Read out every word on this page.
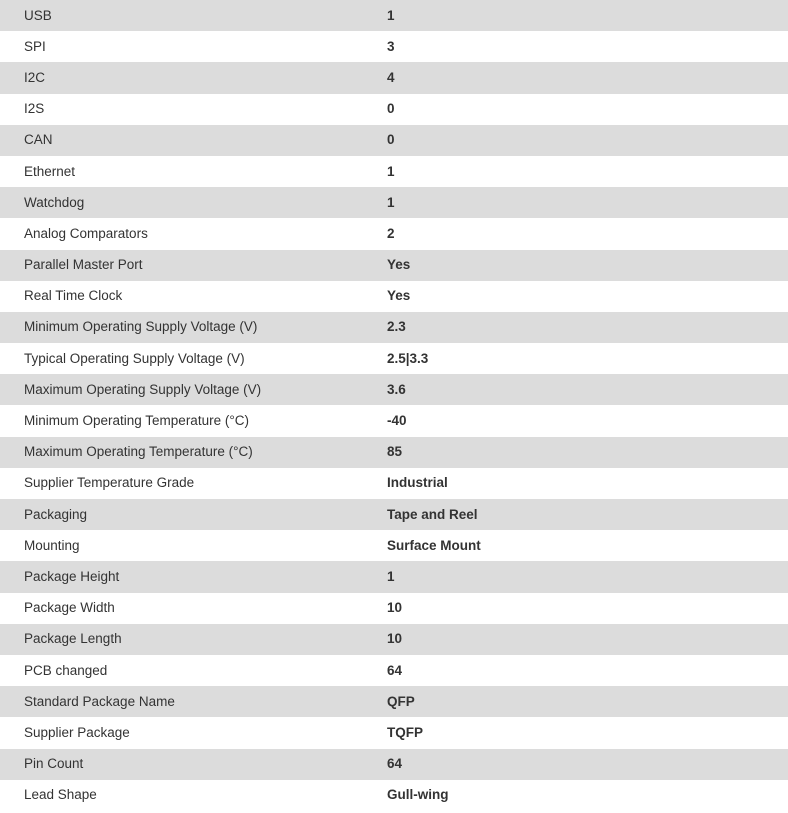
USB	1
SPI	3
I2C	4
I2S	0
CAN	0
Ethernet	1
Watchdog	1
Analog Comparators	2
Parallel Master Port	Yes
Real Time Clock	Yes
Minimum Operating Supply Voltage (V)	2.3
Typical Operating Supply Voltage (V)	2.5|3.3
Maximum Operating Supply Voltage (V)	3.6
Minimum Operating Temperature (°C)	-40
Maximum Operating Temperature (°C)	85
Supplier Temperature Grade	Industrial
Packaging	Tape and Reel
Mounting	Surface Mount
Package Height	1
Package Width	10
Package Length	10
PCB changed	64
Standard Package Name	QFP
Supplier Package	TQFP
Pin Count	64
Lead Shape	Gull-wing
